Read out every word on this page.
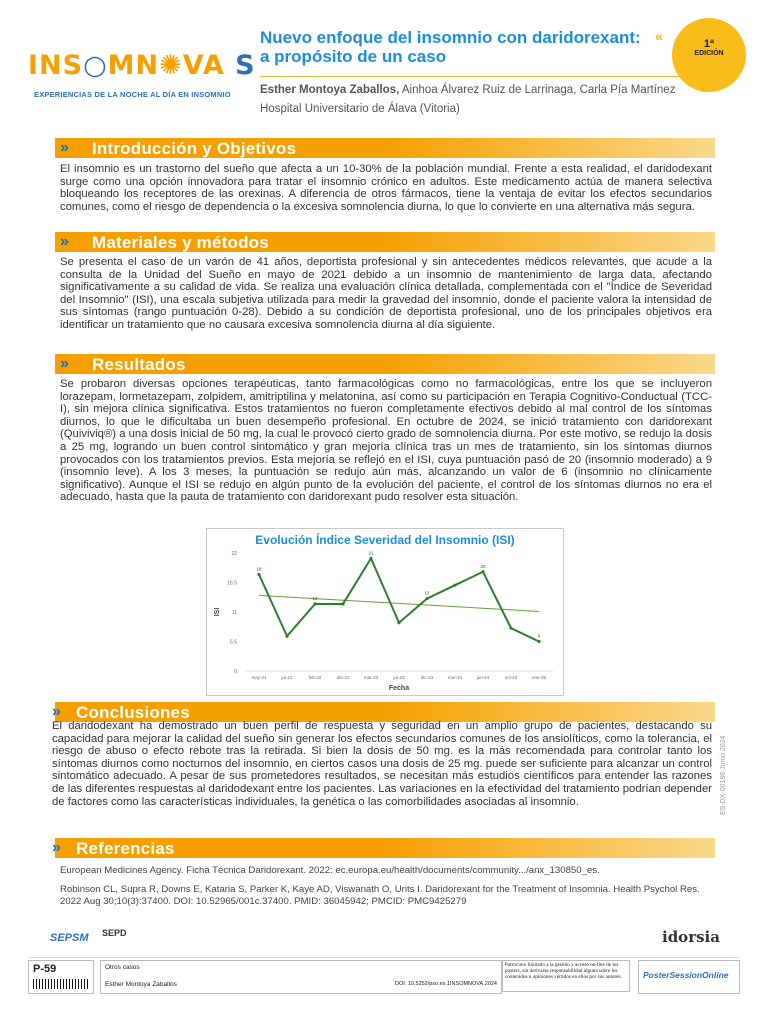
INS○MN✺VA S
EXPERIENCIAS DE LA NOCHE AL DÍA EN INSOMNIO
Nuevo enfoque del insomnio con daridorexant:
a propósito de un caso
Esther Montoya Zaballos, Ainhoa Álvarez Ruiz de Larrinaga, Carla Pía Martínez
Hospital Universitario de Álava (Vitoria)
1ª
EDICIÓN
«
»
» Introducción y Objetivos
El insomnio es un trastorno del sueño que afecta a un 10-30% de la población mundial. Frente a esta realidad, el daridodexant surge como una opción innovadora para tratar el insomnio crónico en adultos. Este medicamento actúa de manera selectiva bloqueando los receptores de las orexinas. A diferencia de otros fármacos, tiene la ventaja de evitar los efectos secundarios comunes, como el riesgo de dependencia o la excesiva somnolencia diurna, lo que lo convierte en una alternativa más segura.
» Materiales y métodos
Se presenta el caso de un varón de 41 años, deportista profesional y sin antecedentes médicos relevantes, que acude a la consulta de la Unidad del Sueño en mayo de 2021 debido a un insomnio de mantenimiento de larga data, afectando significativamente a su calidad de vida. Se realiza una evaluación clínica detallada, complementada con el "Índice de Severidad del Insomnio" (ISI), una escala subjetiva utilizada para medir la gravedad del insomnio, donde el paciente valora la intensidad de sus síntomas (rango puntuación 0-28). Debido a su condición de deportista profesional, uno de los principales objetivos era identificar un tratamiento que no causara excesiva somnolencia diurna al día siguiente.
» Resultados
Se probaron diversas opciones terapéuticas, tanto farmacológicas como no farmacológicas, entre los que se incluyeron lorazepam, lormetazepam, zolpidem, amitriptilina y melatonina, así como su participación en Terapia Cognitivo-Conductual (TCC-I), sin mejora clínica significativa. Estos tratamientos no fueron completamente efectivos debido al mal control de los síntomas diurnos, lo que le dificultaba un buen desempeño profesional. En octubre de 2024, se inició tratamiento con daridorexant (Quiviviq®) a una dosis inicial de 50 mg, la cual le provocó cierto grado de somnolencia diurna. Por este motivo, se redujo la dosis a 25 mg, logrando un buen control sintomático y gran mejoría clínica tras un mes de tratamiento, sin los síntomas diurnos provocados con los tratamientos previos. Esta mejoría se reflejó en el ISI, cuya puntuación pasó de 20 (insomnio moderado) a 9 (insomnio leve). A los 3 meses, la puntuación se redujo aún más, alcanzando un valor de 6 (insomnio no clínicamente significativo). Aunque el ISI se redujo en algún punto de la evolución del paciente, el control de los síntomas diurnos no era el adecuado, hasta que la pauta de tratamiento con daridorexant pudo resolver esta situación.
Evolución Índice Severidad del Insomnio (ISI)
0
5.5
11
16.5
22
ISI
may-21	jul-21	feb-22	abr-22	mar-23	jul-23	dic-23	mar-24	jun-24	oct-24	ene-25
Fecha
18
12
21
13
20
6
» Conclusiones
El daridodexant ha demostrado un buen perfil de respuesta y seguridad en un amplio grupo de pacientes, destacando su capacidad para mejorar la calidad del sueño sin generar los efectos secundarios comunes de los ansiolíticos, como la tolerancia, el riesgo de abuso o efecto rebote tras la retirada. Si bien la dosis de 50 mg. es la más recomendada para controlar tanto los síntomas diurnos como nocturnos del insomnio, en ciertos casos una dosis de 25 mg. puede ser suficiente para alcanzar un control sintomático adecuado. A pesar de sus prometedores resultados, se necesitan más estudios científicos para entender las razones de las diferentes respuestas al daridodexant entre los pacientes. Las variaciones en la efectividad del tratamiento podrían depender de factores como las características individuales, la genética o las comorbilidades asociadas al insomnio.
» Referencias
European Medicines Agency. Ficha Técnica Daridorexant. 2022: ec.europa.eu/health/documents/community.../anx_130850_es.
Robinson CL, Supra R, Downs E, Kataria S, Parker K, Kaye AD, Viswanath O, Urits I. Daridorexant for the Treatment of Insomnia. Health Psychol Res. 2022 Aug 30;10(3):37400. DOI: 10.52965/001c.37400. PMID: 36045942; PMCID: PMC9425279
ES-DX-00186 Junio 2024
SEPSM SEPD	idorsia
P-59	Otros casos
Esther Montoya Zaballos	DOI: 10.5252/pso.es.1INSOMNOVA.2024
Patrocinio limitado a la gestión y acceso on-line de los posters, sin derivarse responsabilidad alguna sobre los contenidos u opiniones vertidos en ellos por sus autores.	PosterSessionOnline
